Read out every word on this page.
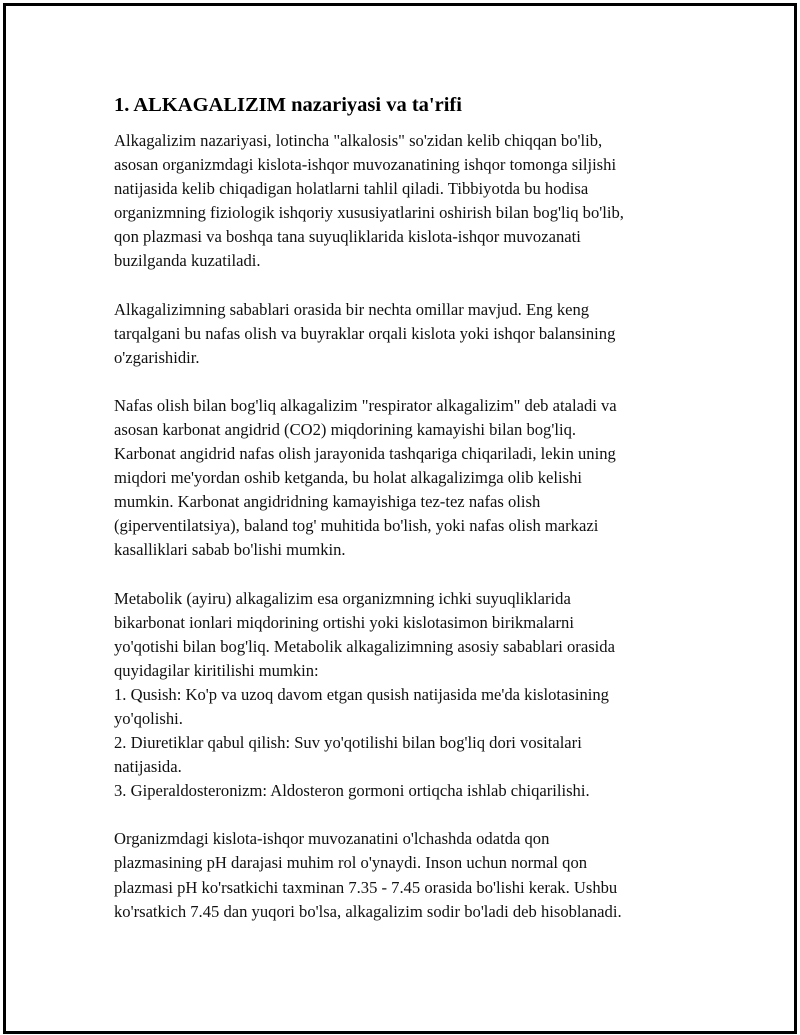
1. ALKAGALIZIM nazariyasi va ta'rifi

Alkagalizim nazariyasi, lotincha "alkalosis" so'zidan kelib chiqqan bo'lib,
asosan organizmdagi kislota-ishqor muvozanatining ishqor tomonga siljishi
natijasida kelib chiqadigan holatlarni tahlil qiladi. Tibbiyotda bu hodisa
organizmning fiziologik ishqoriy xususiyatlarini oshirish bilan bog'liq bo'lib,
qon plazmasi va boshqa tana suyuqliklarida kislota-ishqor muvozanati
buzilganda kuzatiladi.

Alkagalizimning sabablari orasida bir nechta omillar mavjud. Eng keng
tarqalgani bu nafas olish va buyraklar orqali kislota yoki ishqor balansining
o'zgarishidir.

Nafas olish bilan bog'liq alkagalizim "respirator alkagalizim" deb ataladi va
asosan karbonat angidrid (CO2) miqdorining kamayishi bilan bog'liq.
Karbonat angidrid nafas olish jarayonida tashqariga chiqariladi, lekin uning
miqdori me'yordan oshib ketganda, bu holat alkagalizimga olib kelishi
mumkin. Karbonat angidridning kamayishiga tez-tez nafas olish
(giperventilatsiya), baland tog' muhitida bo'lish, yoki nafas olish markazi
kasalliklari sabab bo'lishi mumkin.

Metabolik (ayiru) alkagalizim esa organizmning ichki suyuqliklarida
bikarbonat ionlari miqdorining ortishi yoki kislotasimon birikmalarni
yo'qotishi bilan bog'liq. Metabolik alkagalizimning asosiy sabablari orasida
quyidagilar kiritilishi mumkin:
1. Qusish: Ko'p va uzoq davom etgan qusish natijasida me'da kislotasining
yo'qolishi.
2. Diuretiklar qabul qilish: Suv yo'qotilishi bilan bog'liq dori vositalari
natijasida.
3. Giperaldosteronizm: Aldosteron gormoni ortiqcha ishlab chiqarilishi.

Organizmdagi kislota-ishqor muvozanatini o'lchashda odatda qon
plazmasining pH darajasi muhim rol o'ynaydi. Inson uchun normal qon
plazmasi pH ko'rsatkichi taxminan 7.35 - 7.45 orasida bo'lishi kerak. Ushbu
ko'rsatkich 7.45 dan yuqori bo'lsa, alkagalizim sodir bo'ladi deb hisoblanadi.
